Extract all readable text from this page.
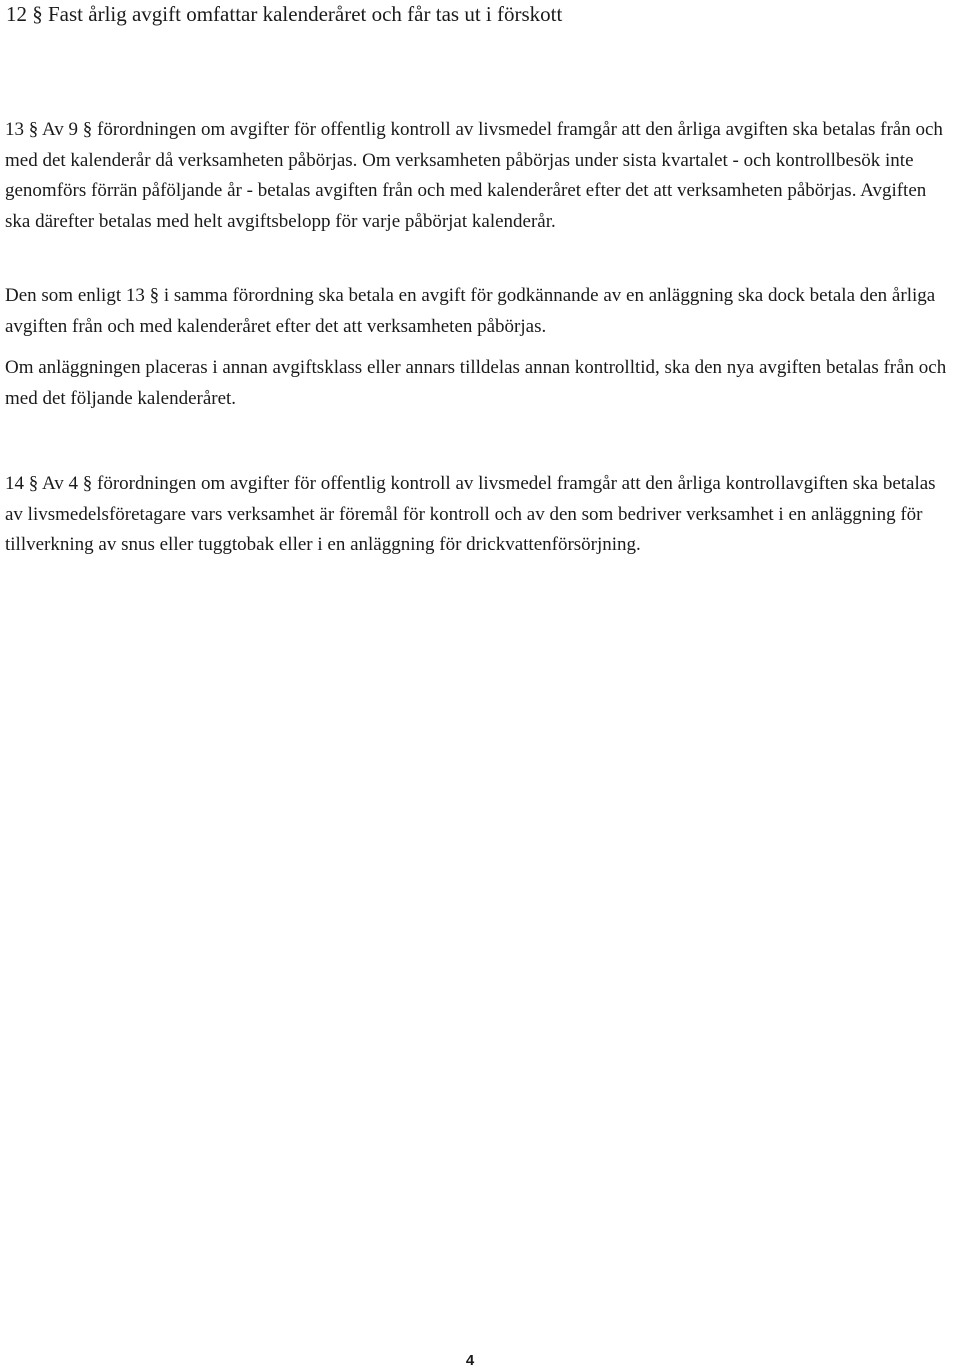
12 § Fast årlig avgift omfattar kalenderåret och får tas ut i förskott

13 § Av 9 § förordningen om avgifter för offentlig kontroll av livsmedel framgår att den årliga avgiften ska betalas från och med det kalenderår då verksamheten påbörjas. Om verksamheten påbörjas under sista kvartalet - och kontrollbesök inte genomförs förrän påföljande år - betalas avgiften från och med kalenderåret efter det att verksamheten påbörjas. Avgiften ska därefter betalas med helt avgiftsbelopp för varje påbörjat kalenderår.

Den som enligt 13 § i samma förordning ska betala en avgift för godkännande av en anläggning ska dock betala den årliga avgiften från och med kalenderåret efter det att verksamheten påbörjas.

Om anläggningen placeras i annan avgiftsklass eller annars tilldelas annan kontrolltid, ska den nya avgiften betalas från och med det följande kalenderåret.

14 § Av 4 § förordningen om avgifter för offentlig kontroll av livsmedel framgår att den årliga kontrollavgiften ska betalas av livsmedelsföretagare vars verksamhet är föremål för kontroll och av den som bedriver verksamhet i en anläggning för tillverkning av snus eller tuggtobak eller i en anläggning för drickvattenförsörjning.

4
